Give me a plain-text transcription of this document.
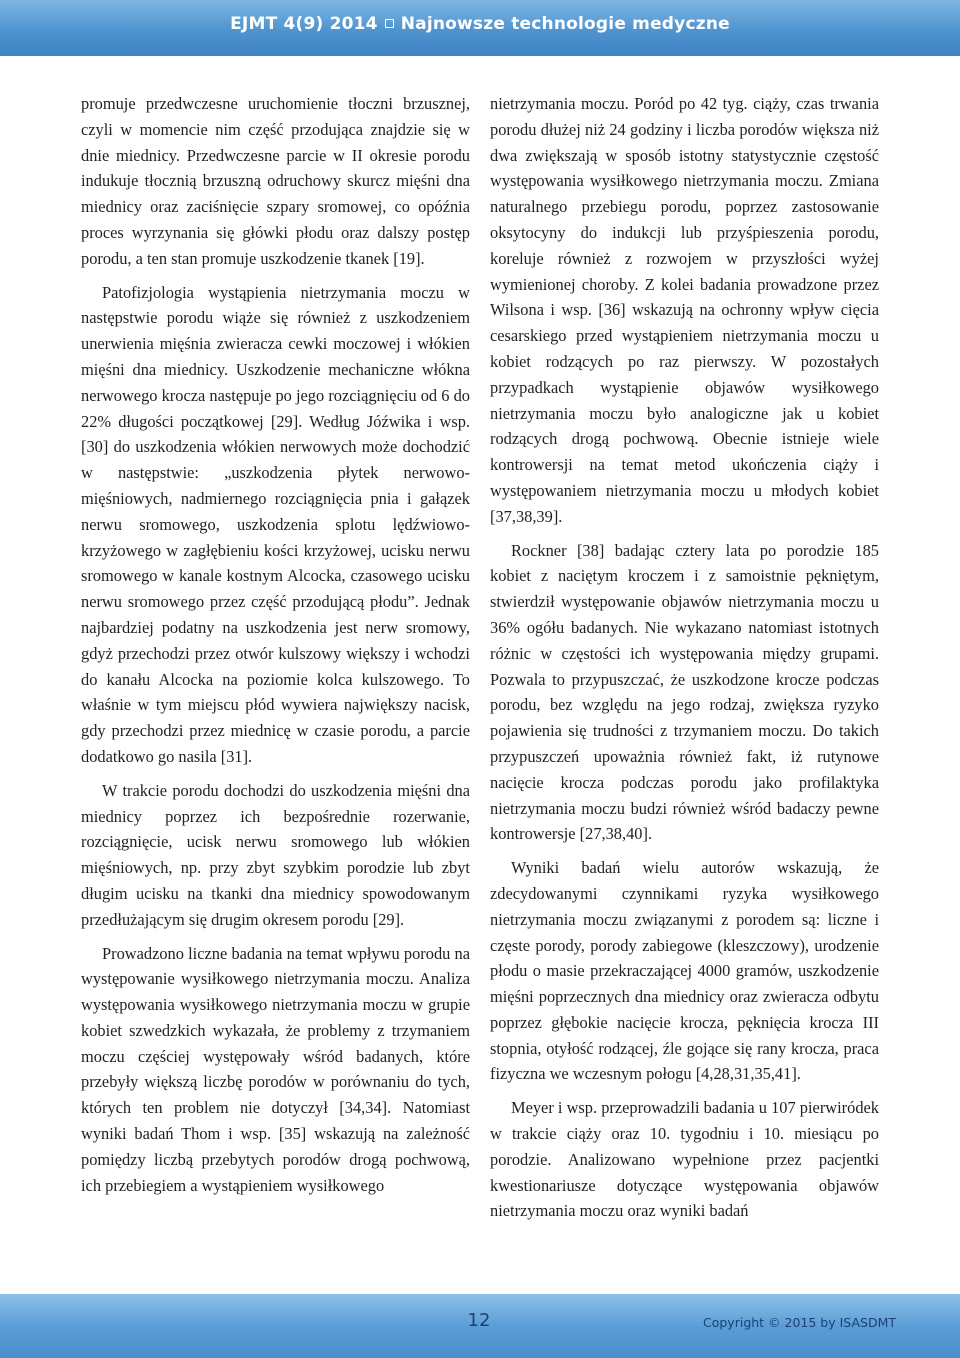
EJMT 4(9) 2014 Najnowsze technologie medyczne

promuje przedwczesne uruchomienie tłoczni brzusznej, czyli w momencie nim część przodująca znajdzie się w dnie miednicy. Przedwczesne parcie w II okresie porodu indukuje tłocznią brzuszną odruchowy skurcz mięśni dna miednicy oraz zaciśnięcie szpary sromowej, co opóźnia proces wyrzynania się główki płodu oraz dalszy postęp porodu, a ten stan promuje uszkodzenie tkanek [19].

Patofizjologia wystąpienia nietrzymania moczu w następstwie porodu wiąże się również z uszkodzeniem unerwienia mięśnia zwieracza cewki moczowej i włókien mięśni dna miednicy. Uszkodzenie mechaniczne włókna nerwowego krocza następuje po jego rozciągnięciu od 6 do 22% długości początkowej [29]. Według Jóźwika i wsp. [30] do uszkodzenia włókien nerwowych może dochodzić w następstwie: „uszkodzenia płytek nerwowo-mięśniowych, nadmiernego rozciągnięcia pnia i gałązek nerwu sromowego, uszkodzenia splotu lędźwiowo-krzyżowego w zagłębieniu kości krzyżowej, ucisku nerwu sromowego w kanale kostnym Alcocka, czasowego ucisku nerwu sromowego przez część przodującą płodu”. Jednak najbardziej podatny na uszkodzenia jest nerw sromowy, gdyż przechodzi przez otwór kulszowy większy i wchodzi do kanału Alcocka na poziomie kolca kulszowego. To właśnie w tym miejscu płód wywiera największy nacisk, gdy przechodzi przez miednicę w czasie porodu, a parcie dodatkowo go nasila [31].

W trakcie porodu dochodzi do uszkodzenia mięśni dna miednicy poprzez ich bezpośrednie rozerwanie, rozciągnięcie, ucisk nerwu sromowego lub włókien mięśniowych, np. przy zbyt szybkim porodzie lub zbyt długim ucisku na tkanki dna miednicy spowodowanym przedłużającym się drugim okresem porodu [29].

Prowadzono liczne badania na temat wpływu porodu na występowanie wysiłkowego nietrzymania moczu. Analiza występowania wysiłkowego nietrzymania moczu w grupie kobiet szwedzkich wykazała, że problemy z trzymaniem moczu częściej występowały wśród badanych, które przebyły większą liczbę porodów w porównaniu do tych, których ten problem nie dotyczył [34,34]. Natomiast wyniki badań Thom i wsp. [35] wskazują na zależność pomiędzy liczbą przebytych porodów drogą pochwową, ich przebiegiem a wystąpieniem wysiłkowego

nietrzymania moczu. Poród po 42 tyg. ciąży, czas trwania porodu dłużej niż 24 godziny i liczba porodów większa niż dwa zwiększają w sposób istotny statystycznie częstość występowania wysiłkowego nietrzymania moczu. Zmiana naturalnego przebiegu porodu, poprzez zastosowanie oksytocyny do indukcji lub przyśpieszenia porodu, koreluje również z rozwojem w przyszłości wyżej wymienionej choroby. Z kolei badania prowadzone przez Wilsona i wsp. [36] wskazują na ochronny wpływ cięcia cesarskiego przed wystąpieniem nietrzymania moczu u kobiet rodzących po raz pierwszy. W pozostałych przypadkach wystąpienie objawów wysiłkowego nietrzymania moczu było analogiczne jak u kobiet rodzących drogą pochwową. Obecnie istnieje wiele kontrowersji na temat metod ukończenia ciąży i występowaniem nietrzymania moczu u młodych kobiet [37,38,39].

Rockner [38] badając cztery lata po porodzie 185 kobiet z naciętym kroczem i z samoistnie pękniętym, stwierdził występowanie objawów nietrzymania moczu u 36% ogółu badanych. Nie wykazano natomiast istotnych różnic w częstości ich występowania między grupami. Pozwala to przypuszczać, że uszkodzone krocze podczas porodu, bez względu na jego rodzaj, zwiększa ryzyko pojawienia się trudności z trzymaniem moczu. Do takich przypuszczeń upoważnia również fakt, iż rutynowe nacięcie krocza podczas porodu jako profilaktyka nietrzymania moczu budzi również wśród badaczy pewne kontrowersje [27,38,40].

Wyniki badań wielu autorów wskazują, że zdecydowanymi czynnikami ryzyka wysiłkowego nietrzymania moczu związanymi z porodem są: liczne i częste porody, porody zabiegowe (kleszczowy), urodzenie płodu o masie przekraczającej 4000 gramów, uszkodzenie mięśni poprzecznych dna miednicy oraz zwieracza odbytu poprzez głębokie nacięcie krocza, pęknięcia krocza III stopnia, otyłość rodzącej, źle gojące się rany krocza, praca fizyczna we wczesnym połogu [4,28,31,35,41].

Meyer i wsp. przeprowadzili badania u 107 pierwiródek w trakcie ciąży oraz 10. tygodniu i 10. miesiącu po porodzie. Analizowano wypełnione przez pacjentki kwestionariusze dotyczące występowania objawów nietrzymania moczu oraz wyniki badań

12	Copyright © 2015 by ISASDMT
